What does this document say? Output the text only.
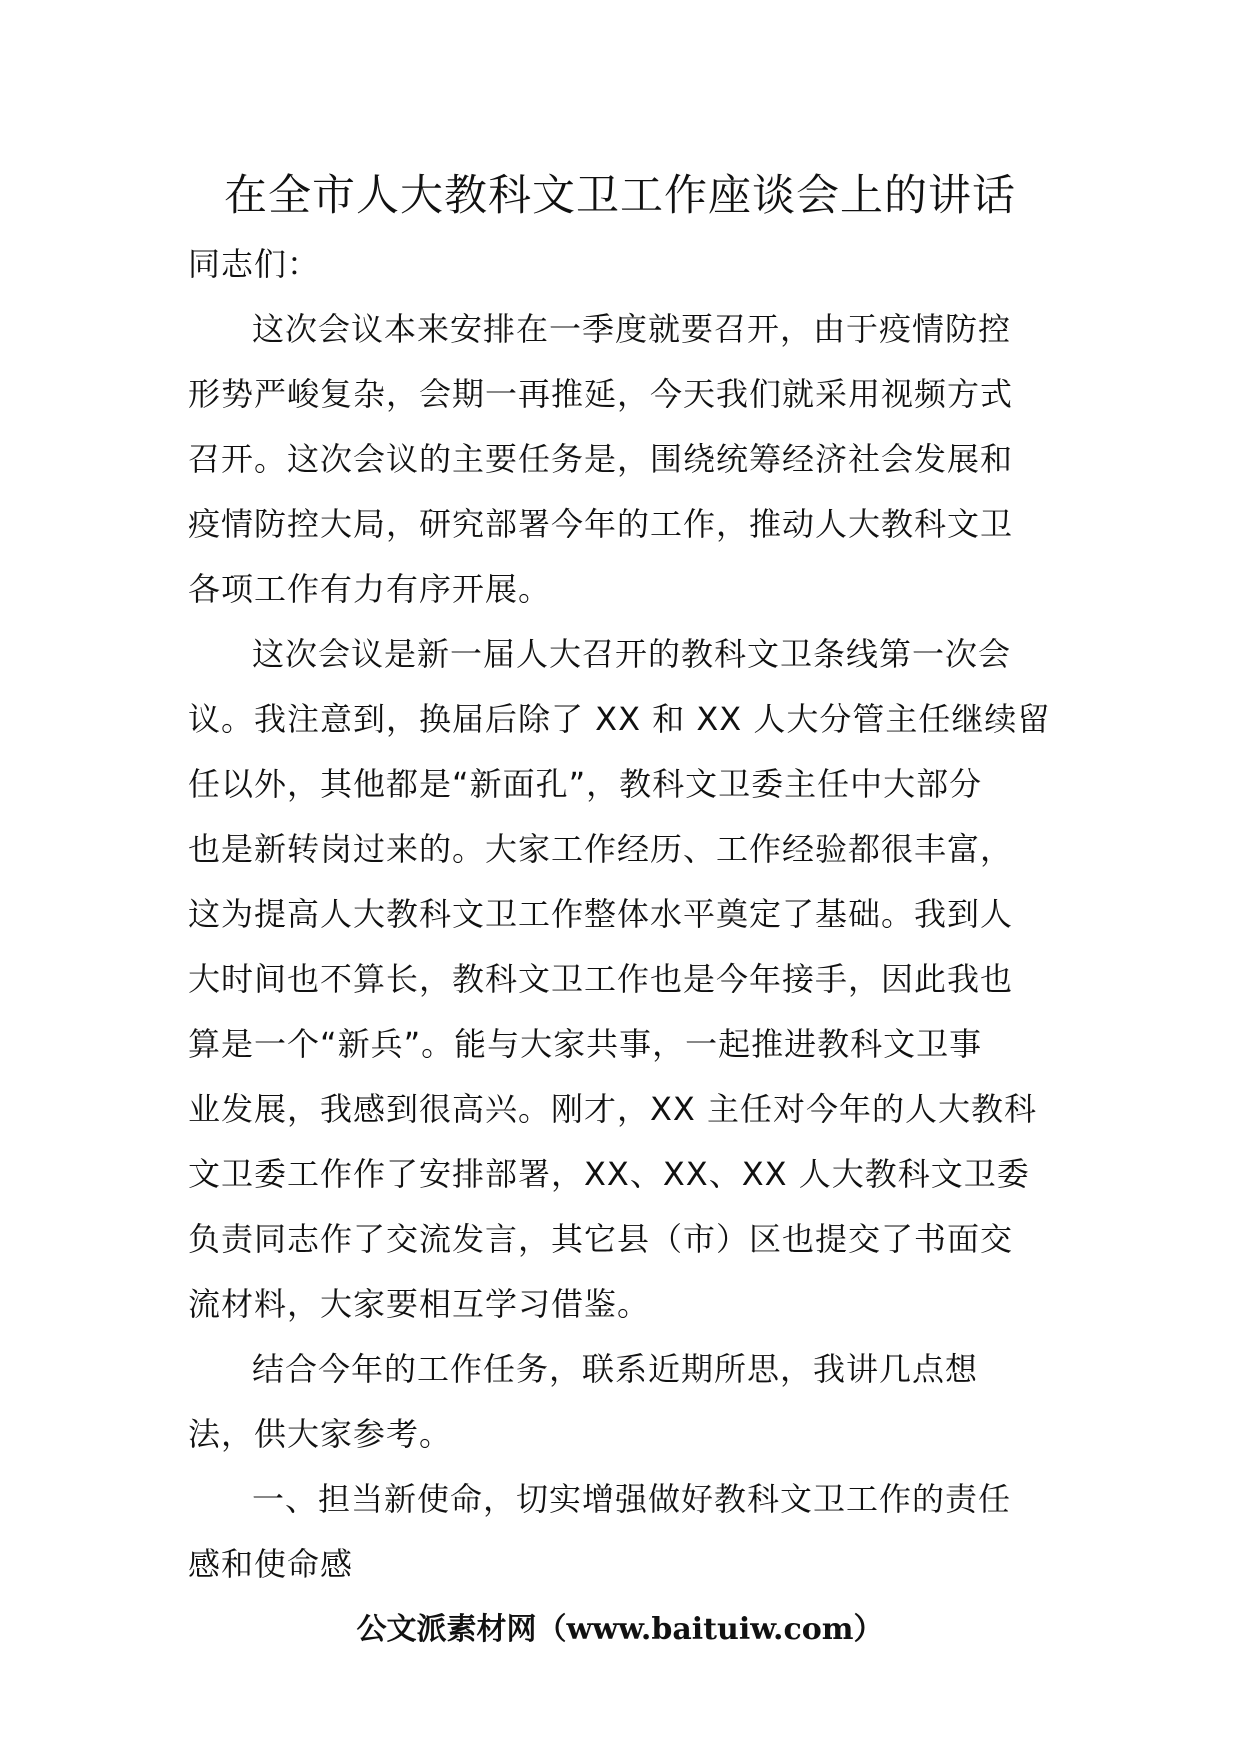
在全市人大教科文卫工作座谈会上的讲话

同志们：

这次会议本来安排在一季度就要召开，由于疫情防控
形势严峻复杂，会期一再推延，今天我们就采用视频方式
召开。这次会议的主要任务是，围绕统筹经济社会发展和
疫情防控大局，研究部署今年的工作，推动人大教科文卫
各项工作有力有序开展。

这次会议是新一届人大召开的教科文卫条线第一次会
议。我注意到，换届后除了 XX 和 XX 人大分管主任继续留
任以外，其他都是“新面孔”，教科文卫委主任中大部分
也是新转岗过来的。大家工作经历、工作经验都很丰富，
这为提高人大教科文卫工作整体水平奠定了基础。我到人
大时间也不算长，教科文卫工作也是今年接手，因此我也
算是一个“新兵”。能与大家共事，一起推进教科文卫事
业发展，我感到很高兴。刚才，XX 主任对今年的人大教科
文卫委工作作了安排部署，XX、XX、XX 人大教科文卫委
负责同志作了交流发言，其它县（市）区也提交了书面交
流材料，大家要相互学习借鉴。

结合今年的工作任务，联系近期所思，我讲几点想
法，供大家参考。

一、担当新使命，切实增强做好教科文卫工作的责任
感和使命感

公文派素材网（www.baituiw.com）
